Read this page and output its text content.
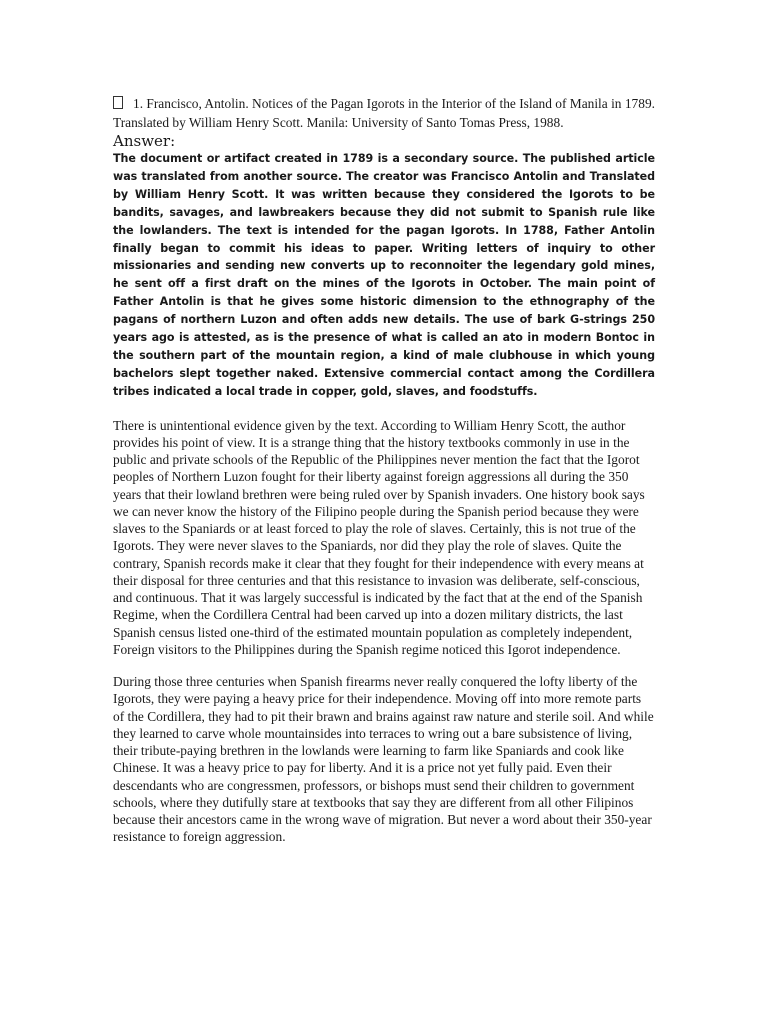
1. Francisco, Antolin. Notices of the Pagan Igorots in the Interior of the Island of Manila in 1789. Translated by William Henry Scott. Manila: University of Santo Tomas Press, 1988.

Answer:

The document or artifact created in 1789 is a secondary source. The published article was translated from another source. The creator was Francisco Antolin and Translated by William Henry Scott. It was written because they considered the Igorots to be bandits, savages, and lawbreakers because they did not submit to Spanish rule like the lowlanders. The text is intended for the pagan Igorots. In 1788, Father Antolin finally began to commit his ideas to paper. Writing letters of inquiry to other missionaries and sending new converts up to reconnoiter the legendary gold mines, he sent off a first draft on the mines of the Igorots in October. The main point of Father Antolin is that he gives some historic dimension to the ethnography of the pagans of northern Luzon and often adds new details. The use of bark G-strings 250 years ago is attested, as is the presence of what is called an ato in modern Bontoc in the southern part of the mountain region, a kind of male clubhouse in which young bachelors slept together naked. Extensive commercial contact among the Cordillera tribes indicated a local trade in copper, gold, slaves, and foodstuffs.

There is unintentional evidence given by the text. According to William Henry Scott, the author provides his point of view. It is a strange thing that the history textbooks commonly in use in the public and private schools of the Republic of the Philippines never mention the fact that the Igorot peoples of Northern Luzon fought for their liberty against foreign aggressions all during the 350 years that their lowland brethren were being ruled over by Spanish invaders. One history book says we can never know the history of the Filipino people during the Spanish period because they were slaves to the Spaniards or at least forced to play the role of slaves. Certainly, this is not true of the Igorots. They were never slaves to the Spaniards, nor did they play the role of slaves. Quite the contrary, Spanish records make it clear that they fought for their independence with every means at their disposal for three centuries and that this resistance to invasion was deliberate, self-conscious, and continuous. That it was largely successful is indicated by the fact that at the end of the Spanish Regime, when the Cordillera Central had been carved up into a dozen military districts, the last Spanish census listed one-third of the estimated mountain population as completely independent, Foreign visitors to the Philippines during the Spanish regime noticed this Igorot independence.

During those three centuries when Spanish firearms never really conquered the lofty liberty of the Igorots, they were paying a heavy price for their independence. Moving off into more remote parts of the Cordillera, they had to pit their brawn and brains against raw nature and sterile soil. And while they learned to carve whole mountainsides into terraces to wring out a bare subsistence of living, their tribute-paying brethren in the lowlands were learning to farm like Spaniards and cook like Chinese. It was a heavy price to pay for liberty. And it is a price not yet fully paid. Even their descendants who are congressmen, professors, or bishops must send their children to government schools, where they dutifully stare at textbooks that say they are different from all other Filipinos because their ancestors came in the wrong wave of migration. But never a word about their 350-year resistance to foreign aggression.
